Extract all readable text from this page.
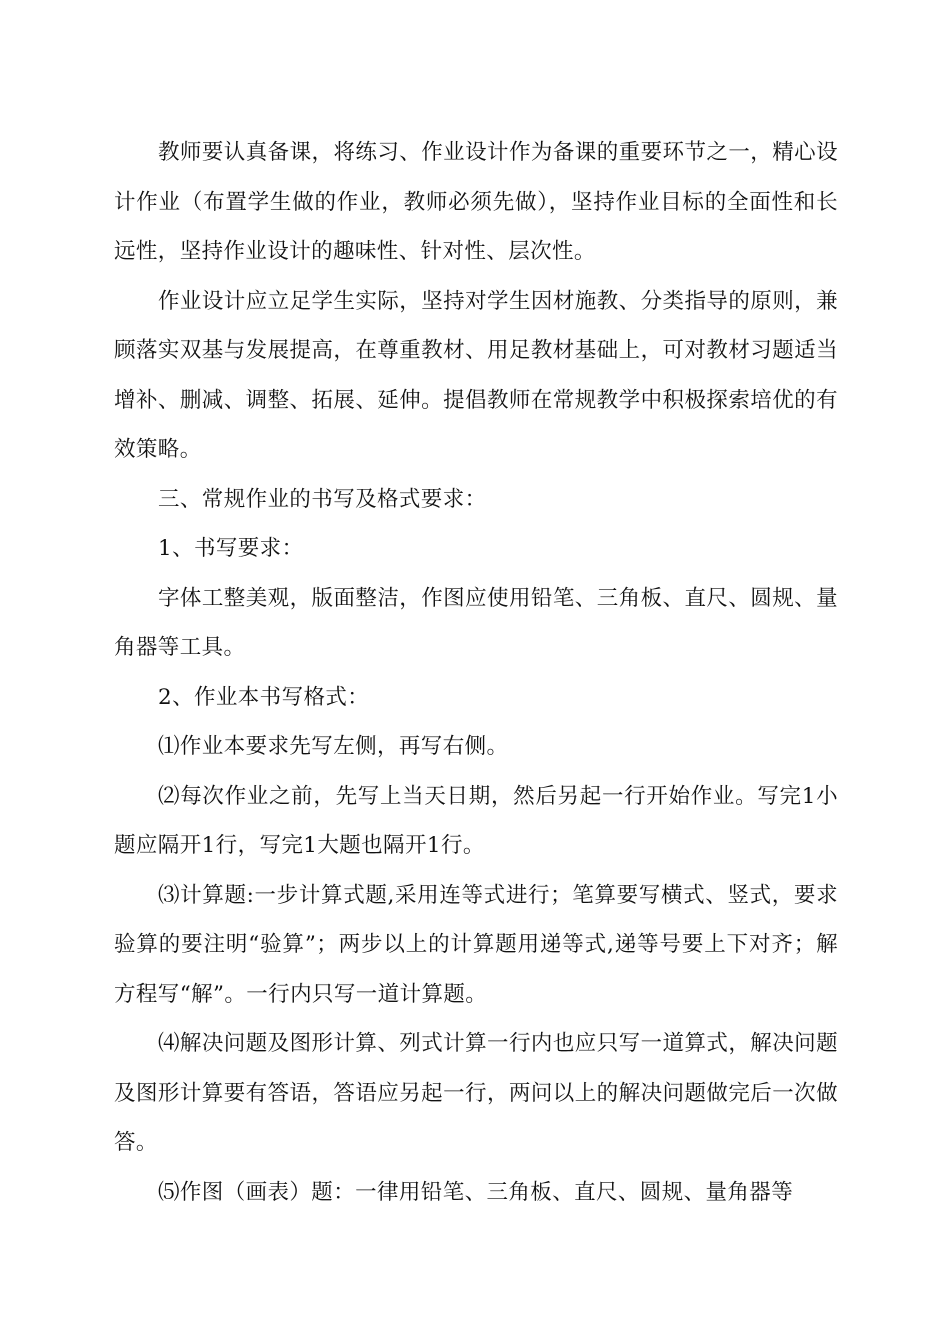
教师要认真备课，将练习、作业设计作为备课的重要环节之一，精心设计作业（布置学生做的作业，教师必须先做），坚持作业目标的全面性和长远性，坚持作业设计的趣味性、针对性、层次性。

作业设计应立足学生实际，坚持对学生因材施教、分类指导的原则，兼顾落实双基与发展提高，在尊重教材、用足教材基础上，可对教材习题适当增补、删减、调整、拓展、延伸。提倡教师在常规教学中积极探索培优的有效策略。

三、常规作业的书写及格式要求：

1、书写要求：

字体工整美观，版面整洁，作图应使用铅笔、三角板、直尺、圆规、量角器等工具。

2、作业本书写格式：

⑴作业本要求先写左侧，再写右侧。

⑵每次作业之前，先写上当天日期，然后另起一行开始作业。写完1小题应隔开1行，写完1大题也隔开1行。

⑶计算题:一步计算式题,采用连等式进行；笔算要写横式、竖式，要求验算的要注明“验算”；两步以上的计算题用递等式,递等号要上下对齐；解方程写“解”。一行内只写一道计算题。

⑷解决问题及图形计算、列式计算一行内也应只写一道算式，解决问题及图形计算要有答语，答语应另起一行，两问以上的解决问题做完后一次做答。

⑸作图（画表）题：一律用铅笔、三角板、直尺、圆规、量角器等
